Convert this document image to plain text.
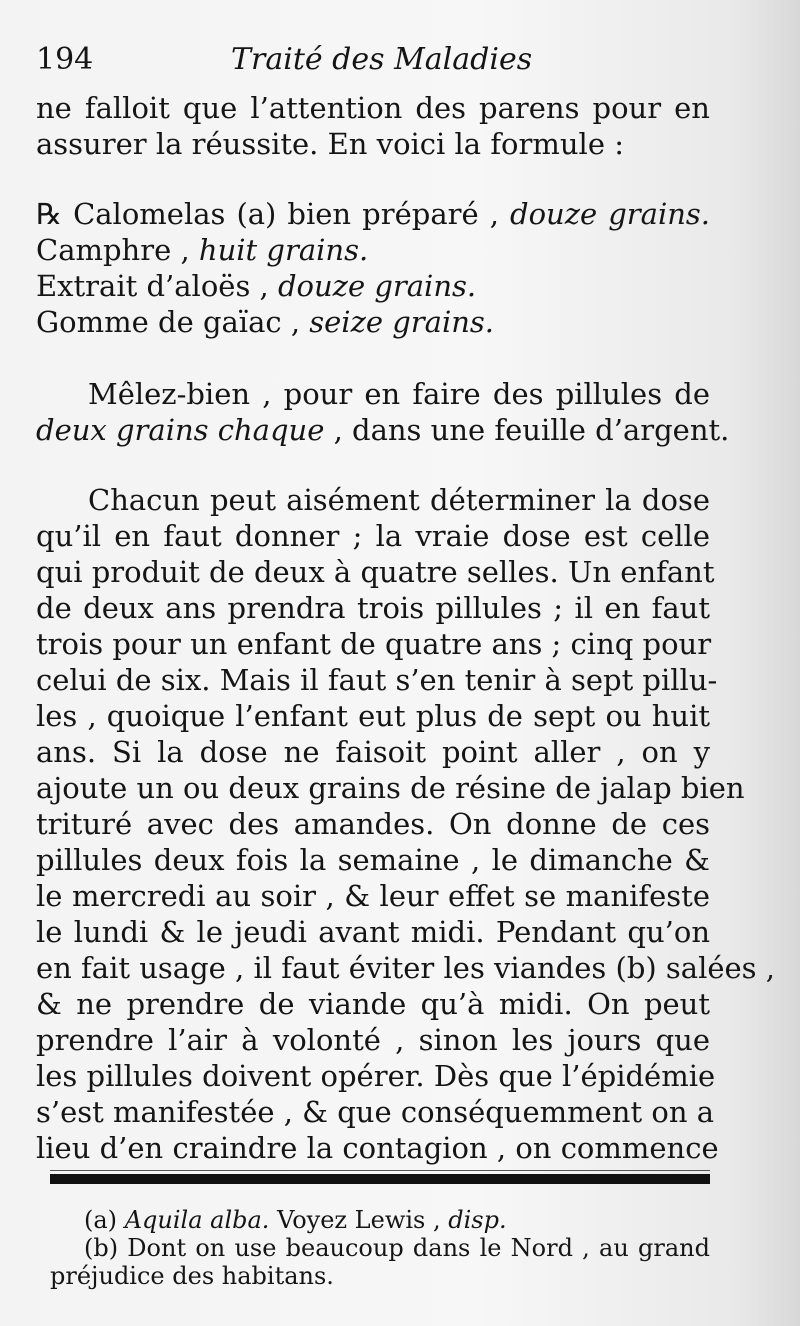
194	Traité des Maladies
ne falloit que l’attention des parens pour en
assurer la réussite. En voici la formule :
℞ Calomelas (a) bien préparé , douze grains.
Camphre , huit grains.
Extrait d’aloës , douze grains.
Gomme de gaïac , seize grains.
Mêlez-bien , pour en faire des pillules de
deux grains chaque , dans une feuille d’argent.
Chacun peut aisément déterminer la dose
qu’il en faut donner ; la vraie dose est celle
qui produit de deux à quatre selles. Un enfant
de deux ans prendra trois pillules ; il en faut
trois pour un enfant de quatre ans ; cinq pour
celui de six. Mais il faut s’en tenir à sept pillu-
les , quoique l’enfant eut plus de sept ou huit
ans. Si la dose ne faisoit point aller , on y
ajoute un ou deux grains de résine de jalap bien
trituré avec des amandes. On donne de ces
pillules deux fois la semaine , le dimanche &
le mercredi au soir , & leur effet se manifeste
le lundi & le jeudi avant midi. Pendant qu’on
en fait usage , il faut éviter les viandes (b) salées ,
& ne prendre de viande qu’à midi. On peut
prendre l’air à volonté , sinon les jours que
les pillules doivent opérer. Dès que l’épidémie
s’est manifestée , & que conséquemment on a
lieu d’en craindre la contagion , on commence
(a) Aquila alba. Voyez Lewis , disp.
(b) Dont on use beaucoup dans le Nord , au grand
préjudice des habitans.
